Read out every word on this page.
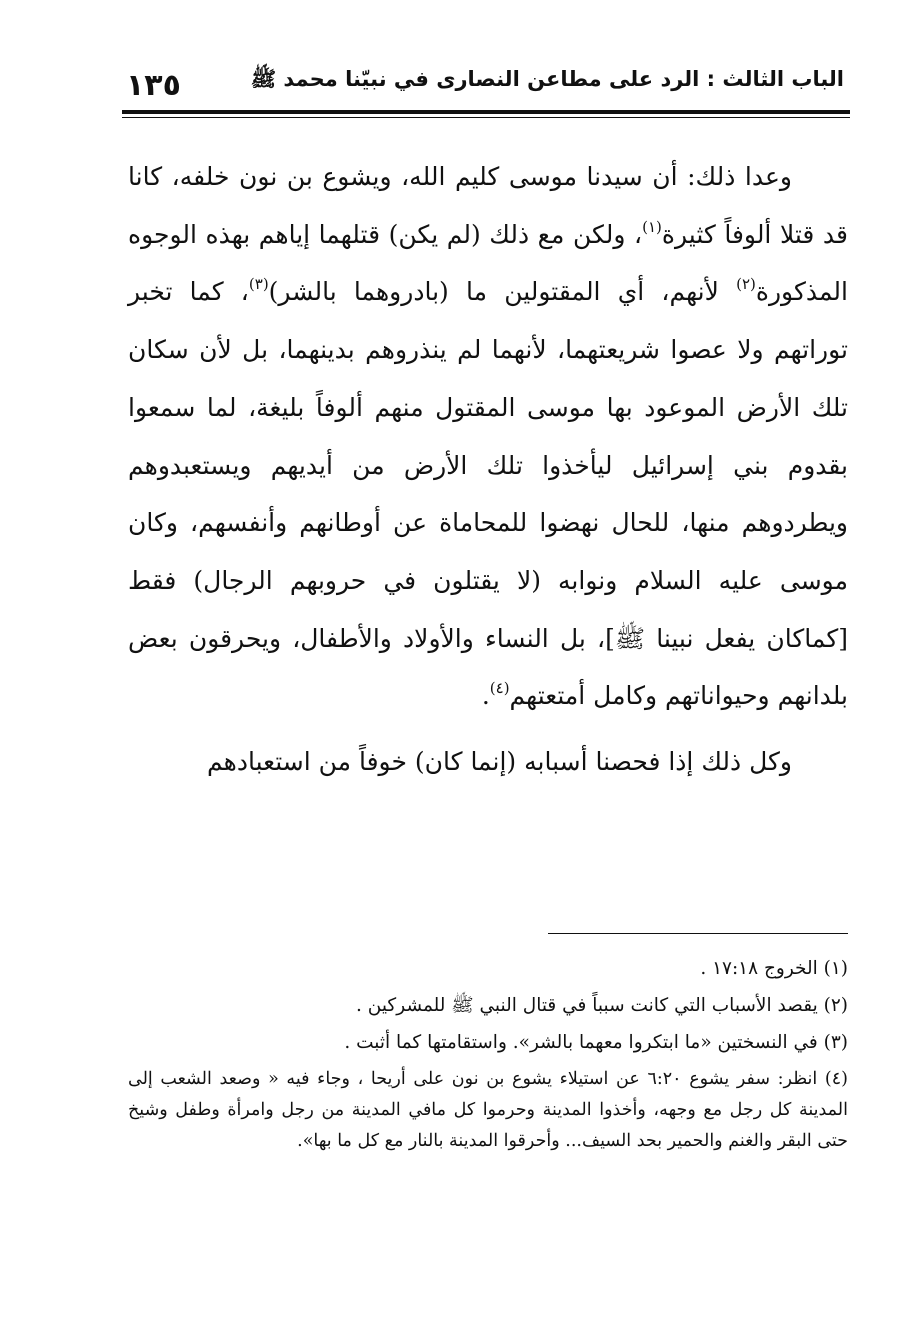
الباب الثالث : الرد على مطاعن النصارى في نبيّنا محمد ﷺ
١٣٥

وعدا ذلك: أن سيدنا موسى كليم الله، ويشوع بن نون خلفه، كانا قد قتلا ألوفاً كثيرة$^{(١)}$، ولكن مع ذلك (لم يكن) قتلهما إياهم بهذه الوجوه المذكورة$^{(٢)}$ لأنهم، أي المقتولين ما (بادروهما بالشر)$^{(٣)}$، كما تخبر توراتهم ولا عصوا شريعتهما، لأنهما لم ينذروهم بدينهما، بل لأن سكان تلك الأرض الموعود بها موسى المقتول منهم ألوفاً بليغة، لما سمعوا بقدوم بني إسرائيل ليأخذوا تلك الأرض من أيديهم ويستعبدوهم ويطردوهم منها، للحال نهضوا للمحاماة عن أوطانهم وأنفسهم، وكان موسى عليه السلام ونوابه (لا يقتلون في حروبهم الرجال) فقط [كماكان يفعل نبينا ﷺ]، بل النساء والأولاد والأطفال، ويحرقون بعض بلدانهم وحيواناتهم وكامل أمتعتهم$^{(٤)}$.

وكل ذلك إذا فحصنا أسبابه (إنما كان) خوفاً من استعبادهم

(١) الخروج ١٧:١٨ .

(٢) يقصد الأسباب التي كانت سبباً في قتال النبي ﷺ للمشركين .

(٣) في النسختين «ما ابتكروا معهما بالشر». واستقامتها كما أثبت .

(٤) انظر: سفر يشوع ٦:٢٠ عن استيلاء يشوع بن نون على أريحا ، وجاء فيه « وصعد الشعب إلى المدينة كل رجل مع وجهه، وأخذوا المدينة وحرموا كل مافي المدينة من رجل وامرأة وطفل وشيخ حتى البقر والغنم والحمير بحد السيف... وأحرقوا المدينة بالنار مع كل ما بها».
